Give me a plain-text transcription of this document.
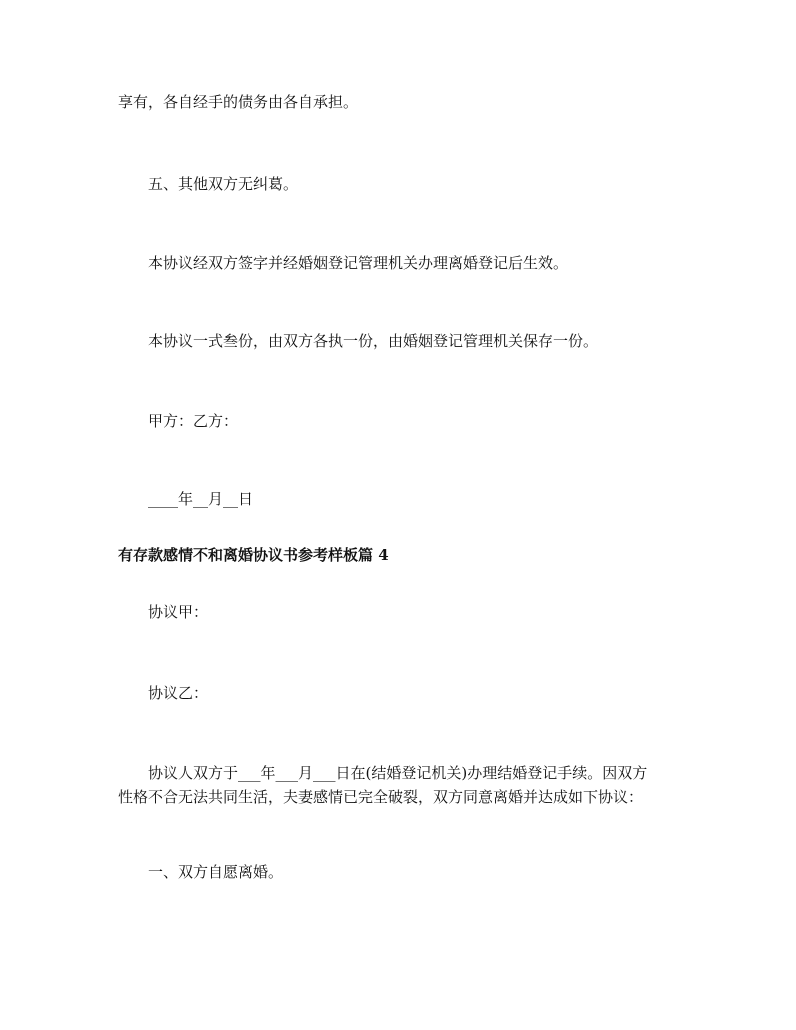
享有，各自经手的债务由各自承担。

五、其他双方无纠葛。

本协议经双方签字并经婚姻登记管理机关办理离婚登记后生效。

本协议一式叁份，由双方各执一份，由婚姻登记管理机关保存一份。

甲方：乙方：

____年__月__日

有存款感情不和离婚协议书参考样板篇 4

协议甲：

协议乙：

协议人双方于___年___月___日在(结婚登记机关)办理结婚登记手续。因双方

性格不合无法共同生活，夫妻感情已完全破裂，双方同意离婚并达成如下协议：

一、双方自愿离婚。
